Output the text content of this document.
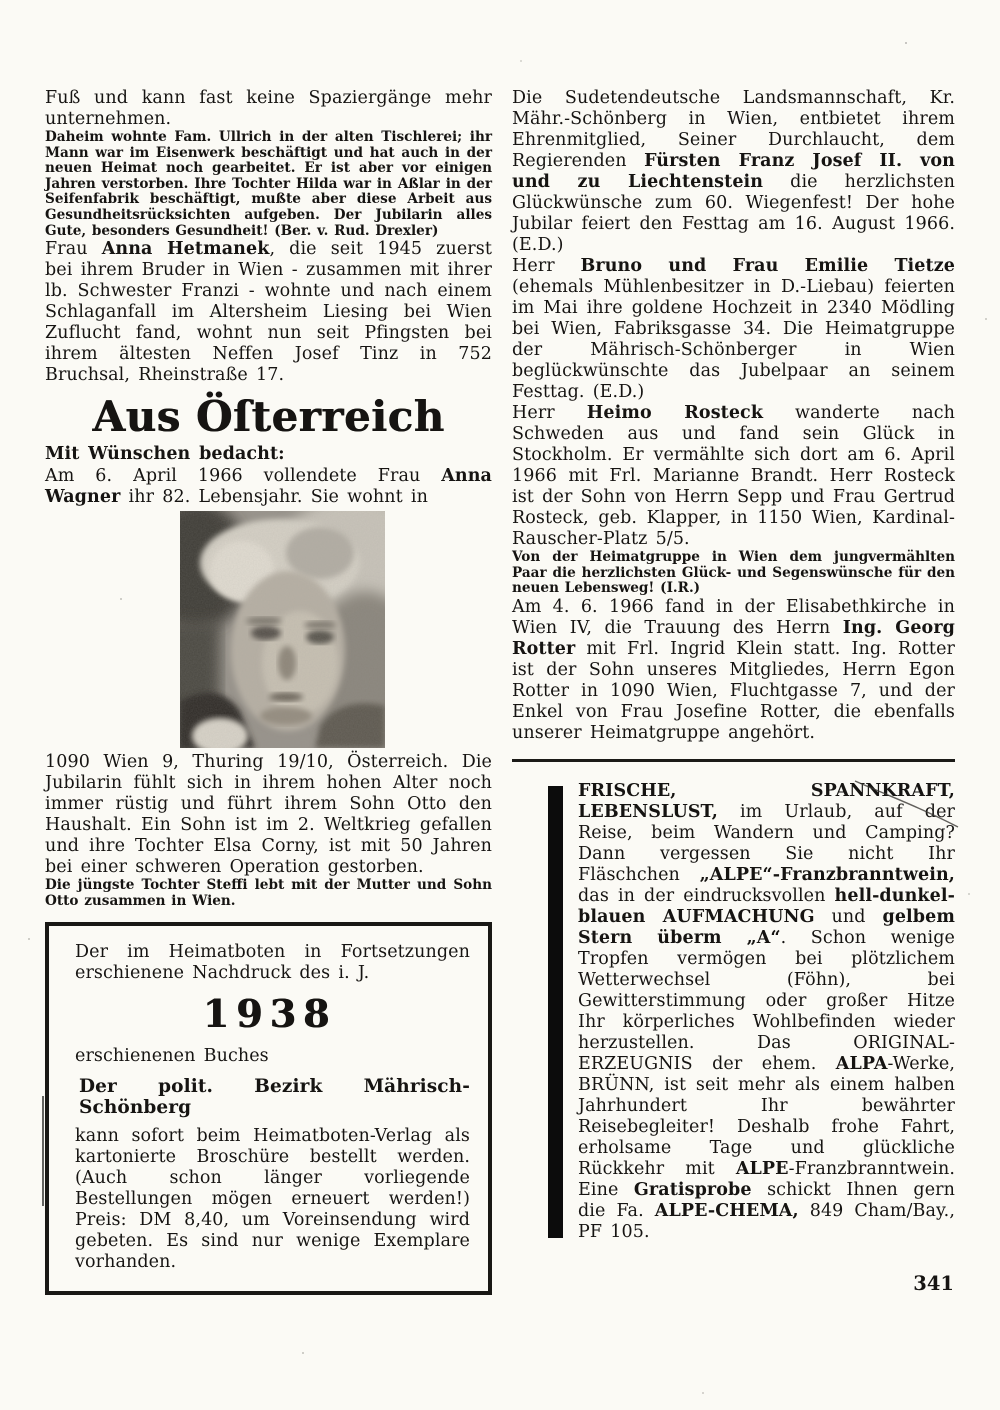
Fuß und kann fast keine Spaziergänge mehr unternehmen.

Daheim wohnte Fam. Ullrich in der alten Tischlerei; ihr Mann war im Eisenwerk beschäftigt und hat auch in der neuen Heimat noch gearbeitet. Er ist aber vor einigen Jahren verstorben. Ihre Tochter Hilda war in Aßlar in der Seifenfabrik beschäftigt, mußte aber diese Arbeit aus Gesundheitsrücksichten aufgeben. Der Jubilarin alles Gute, besonders Gesundheit! (Ber. v. Rud. Drexler)

Frau Anna Hetmanek, die seit 1945 zuerst bei ihrem Bruder in Wien - zusammen mit ihrer lb. Schwester Franzi - wohnte und nach einem Schlaganfall im Altersheim Liesing bei Wien Zuflucht fand, wohnt nun seit Pfingsten bei ihrem ältesten Neffen Josef Tinz in 752 Bruchsal, Rheinstraße 17.

Aus Öſterreich

Mit Wünschen bedacht:

Am 6. April 1966 vollendete Frau Anna Wagner ihr 82. Lebensjahr. Sie wohnt in

1090 Wien 9, Thuring 19/10, Österreich. Die Jubilarin fühlt sich in ihrem hohen Alter noch immer rüstig und führt ihrem Sohn Otto den Haushalt. Ein Sohn ist im 2. Weltkrieg gefallen und ihre Tochter Elsa Corny, ist mit 50 Jahren bei einer schweren Operation gestorben.

Die jüngste Tochter Steffi lebt mit der Mutter und Sohn Otto zusammen in Wien.

Der im Heimatboten in Fortsetzungen erschienene Nachdruck des i. J.

1938

erschienenen Buches

Der polit. Bezirk Mährisch-Schönberg

kann sofort beim Heimatboten-Verlag als kartonierte Broschüre bestellt werden. (Auch schon länger vorliegende Bestellungen mögen erneuert werden!) Preis: DM 8,40, um Voreinsendung wird gebeten. Es sind nur wenige Exemplare vorhanden.

Die Sudetendeutsche Landsmannschaft, Kr. Mähr.-Schönberg in Wien, entbietet ihrem Ehrenmitglied, Seiner Durchlaucht, dem Regierenden Fürsten Franz Josef II. von und zu Liechtenstein die herzlichsten Glückwünsche zum 60. Wiegenfest! Der hohe Jubilar feiert den Festtag am 16. August 1966. (E.D.)

Herr Bruno und Frau Emilie Tietze (ehemals Mühlenbesitzer in D.-Liebau) feierten im Mai ihre goldene Hochzeit in 2340 Mödling bei Wien, Fabriksgasse 34. Die Heimatgruppe der Mährisch-Schönberger in Wien beglückwünschte das Jubelpaar an seinem Festtag. (E.D.)

Herr Heimo Rosteck wanderte nach Schweden aus und fand sein Glück in Stockholm. Er vermählte sich dort am 6. April 1966 mit Frl. Marianne Brandt. Herr Rosteck ist der Sohn von Herrn Sepp und Frau Gertrud Rosteck, geb. Klapper, in 1150 Wien, Kardinal-Rauscher-Platz 5/5.

Von der Heimatgruppe in Wien dem jungvermählten Paar die herzlichsten Glück- und Segenswünsche für den neuen Lebensweg! (I.R.)

Am 4. 6. 1966 fand in der Elisabethkirche in Wien IV, die Trauung des Herrn Ing. Georg Rotter mit Frl. Ingrid Klein statt. Ing. Rotter ist der Sohn unseres Mitgliedes, Herrn Egon Rotter in 1090 Wien, Fluchtgasse 7, und der Enkel von Frau Josefine Rotter, die ebenfalls unserer Heimatgruppe angehört.

FRISCHE, SPANNKRAFT, LEBENSLUST, im Urlaub, auf der Reise, beim Wandern und Camping? Dann vergessen Sie nicht Ihr Fläschchen „ALPE“-Franzbranntwein, das in der eindrucksvollen hell-dunkel-blauen AUFMACHUNG und gelbem Stern überm „A“. Schon wenige Tropfen vermögen bei plötzlichem Wetterwechsel (Föhn), bei Gewitterstimmung oder großer Hitze Ihr körperliches Wohlbefinden wieder herzustellen. Das ORIGINAL-ERZEUGNIS der ehem. ALPA-Werke, BRÜNN, ist seit mehr als einem halben Jahrhundert Ihr bewährter Reisebegleiter! Deshalb frohe Fahrt, erholsame Tage und glückliche Rückkehr mit ALPE-Franzbranntwein. Eine Gratisprobe schickt Ihnen gern die Fa. ALPE-CHEMA, 849 Cham/Bay., PF 105.

341
